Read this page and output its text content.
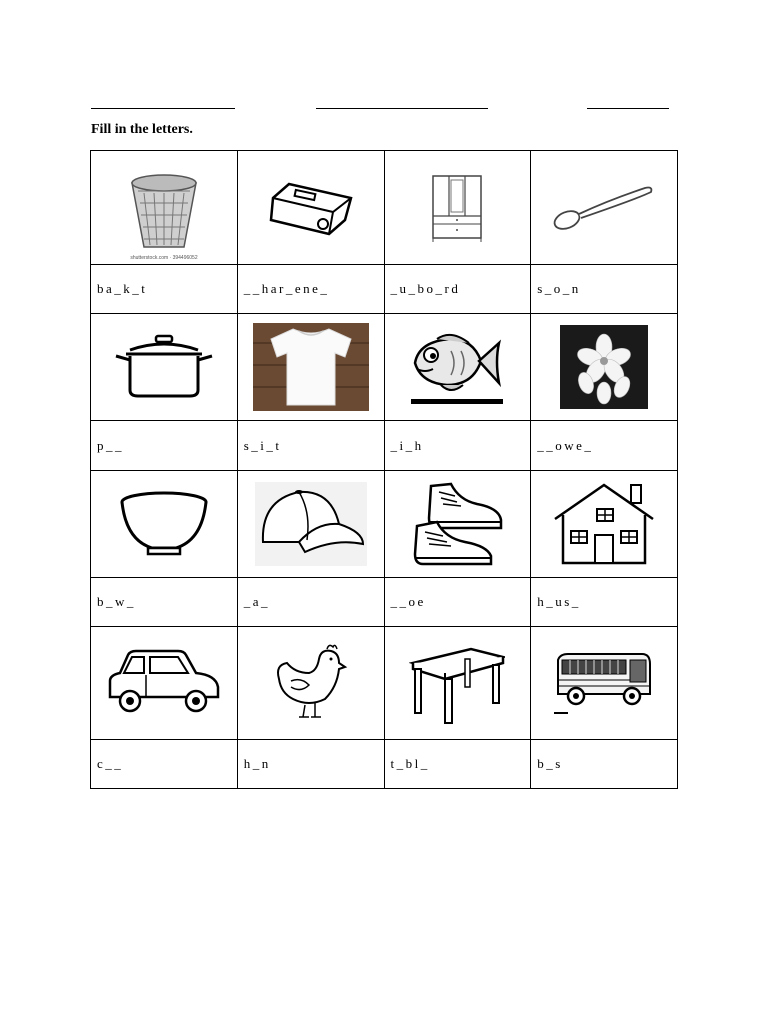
Fill in the letters.

shutterstock.com · 394496052

ba_k_t	__har_ene_	_u_bo_rd	s_o_n

p__	s_i_t	_i_h	__owe_

b_w_	_a_	__oe	h_us_

c__	h_n	t_bl_	b_s
